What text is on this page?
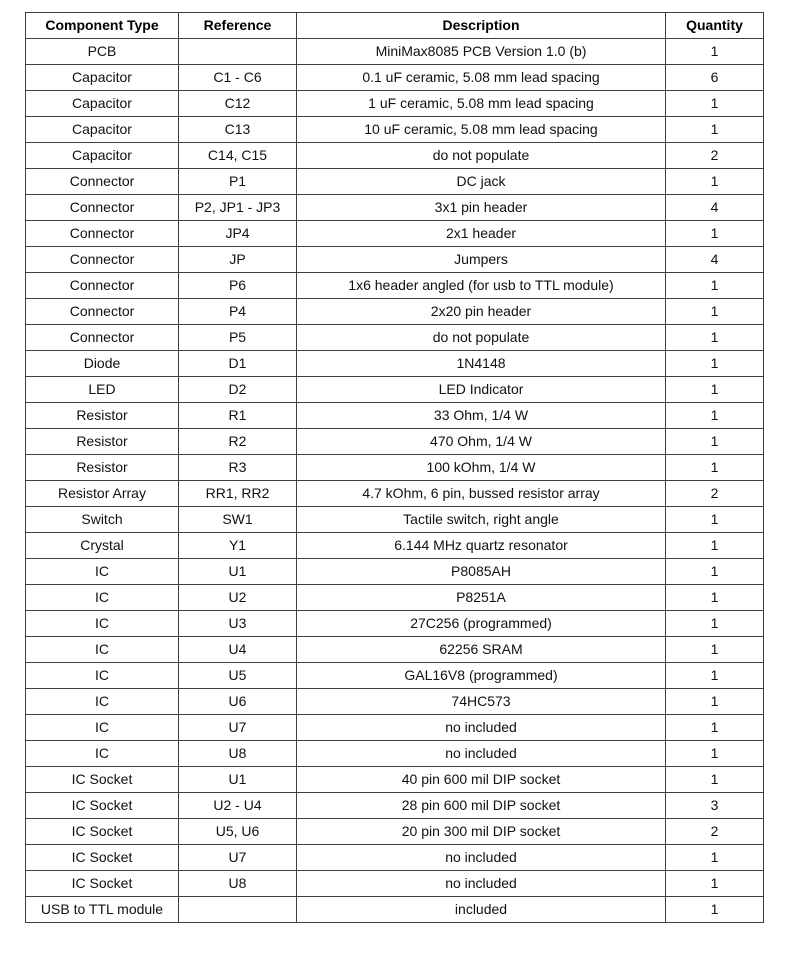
Component Type	Reference	Description	Quantity
PCB		MiniMax8085 PCB Version 1.0 (b)	1
Capacitor	C1 - C6	0.1 uF ceramic, 5.08 mm lead spacing	6
Capacitor	C12	1 uF ceramic, 5.08 mm lead spacing	1
Capacitor	C13	10 uF ceramic, 5.08 mm lead spacing	1
Capacitor	C14, C15	do not populate	2
Connector	P1	DC jack	1
Connector	P2, JP1 - JP3	3x1 pin header	4
Connector	JP4	2x1 header	1
Connector	JP	Jumpers	4
Connector	P6	1x6 header angled (for usb to TTL module)	1
Connector	P4	2x20 pin header	1
Connector	P5	do not populate	1
Diode	D1	1N4148	1
LED	D2	LED Indicator	1
Resistor	R1	33 Ohm, 1/4 W	1
Resistor	R2	470 Ohm, 1/4 W	1
Resistor	R3	100 kOhm, 1/4 W	1
Resistor Array	RR1, RR2	4.7 kOhm, 6 pin, bussed resistor array	2
Switch	SW1	Tactile switch, right angle	1
Crystal	Y1	6.144 MHz quartz resonator	1
IC	U1	P8085AH	1
IC	U2	P8251A	1
IC	U3	27C256 (programmed)	1
IC	U4	62256 SRAM	1
IC	U5	GAL16V8 (programmed)	1
IC	U6	74HC573	1
IC	U7	no included	1
IC	U8	no included	1
IC Socket	U1	40 pin 600 mil DIP socket	1
IC Socket	U2 - U4	28 pin 600 mil DIP socket	3
IC Socket	U5, U6	20 pin 300 mil DIP socket	2
IC Socket	U7	no included	1
IC Socket	U8	no included	1
USB to TTL module		included	1
